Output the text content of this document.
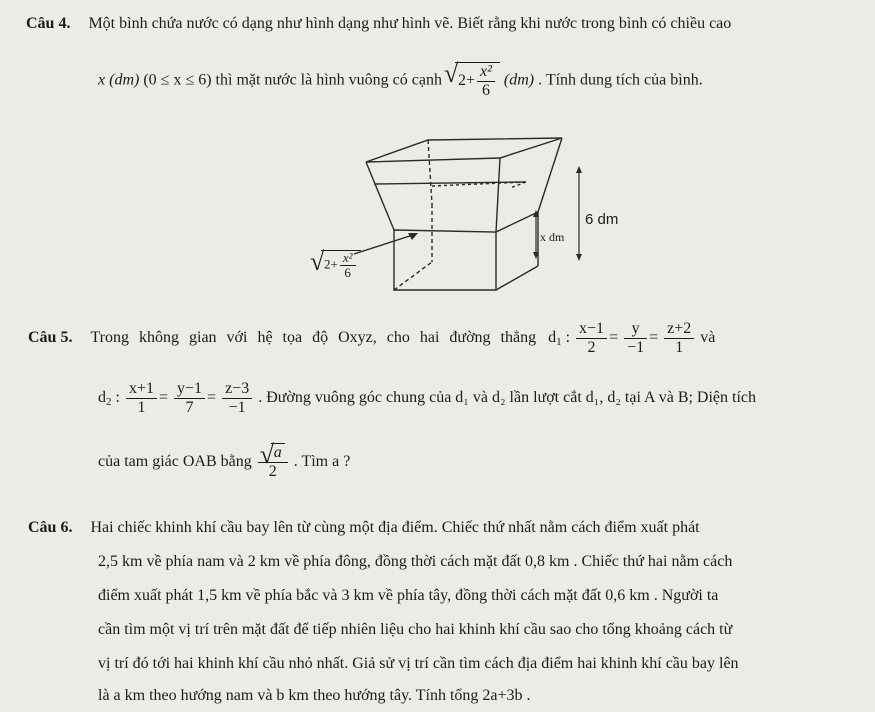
Câu 4. Một bình chứa nước có dạng như hình dạng như hình vẽ. Biết rằng khi nước trong bình có chiều cao
x (dm) (0 ≤ x ≤ 6) thì mặt nước là hình vuông có cạnh √ $2+ \frac{\text{x²}}{6} (dm)$ . Tính dung tích của bình.
x dm
6 dm
√ $2+ \frac{\text{x²}}{6}$
Câu 5. Trong không gian với hệ tọa độ Oxyz, cho hai đường thẳng $d_1$ : $\frac{x-1}{2} = \frac{y}{-1} = \frac{z+2}{1}$ và
$d_2$ : $\frac{x+1}{1} = \frac{y-1}{7} = \frac{z-3}{-1}$ . Đường vuông góc chung của d₁ và d₂ lần lượt cắt d₁, d₂ tại A và B; Diện tích
của tam giác OAB bằng √ $\frac{a}{2}$ . Tìm a ?
Câu 6. Hai chiếc khinh khí cầu bay lên từ cùng một địa điểm. Chiếc thứ nhất nằm cách điểm xuất phát
2,5 km về phía nam và 2 km về phía đông, đồng thời cách mặt đất 0,8 km . Chiếc thứ hai nằm cách
điểm xuất phát 1,5 km về phía bắc và 3 km về phía tây, đồng thời cách mặt đất 0,6 km . Người ta
cần tìm một vị trí trên mặt đất để tiếp nhiên liệu cho hai khinh khí cầu sao cho tổng khoảng cách từ
vị trí đó tới hai khinh khí cầu nhỏ nhất. Giả sử vị trí cần tìm cách địa điểm hai khinh khí cầu bay lên
là a km theo hướng nam và b km theo hướng tây. Tính tổng 2a+3b .
